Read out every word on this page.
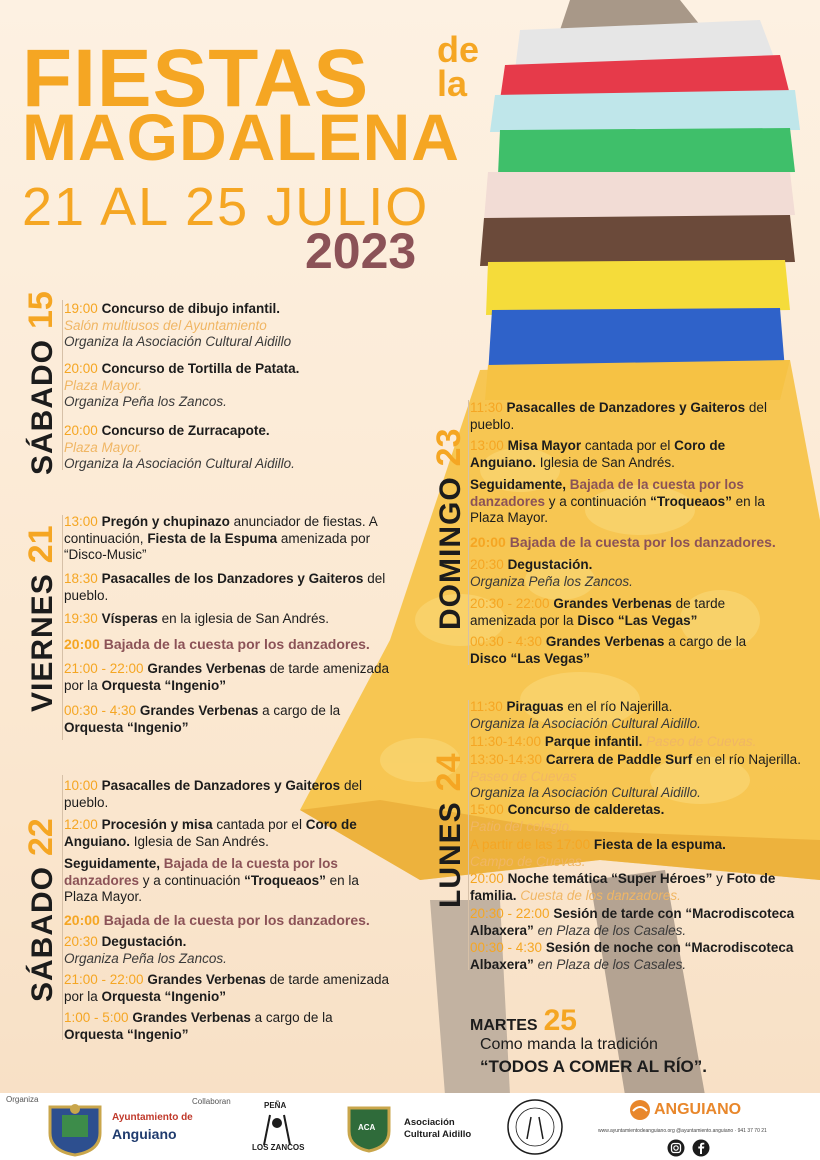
FIESTAS de
la
MAGDALENA
21 AL 25 JULIO
2023
SÁBADO15
VIERNES21
SÁBADO22
DOMINGO23
LUNES24
19:00 Concurso de dibujo infantil.
Salón multiusos del Ayuntamiento
Organiza la Asociación Cultural Aidillo
20:00 Concurso de Tortilla de Patata.
Plaza Mayor.
Organiza Peña los Zancos.
20:00 Concurso de Zurracapote.
Plaza Mayor.
Organiza la Asociación Cultural Aidillo.
13:00 Pregón y chupinazo anunciador de fiestas. A continuación, Fiesta de la Espuma amenizada por “Disco-Music”
18:30 Pasacalles de los Danzadores y Gaiteros del pueblo.
19:30 Vísperas en la iglesia de San Andrés.
20:00 Bajada de la cuesta por los danzadores.
21:00 - 22:00 Grandes Verbenas de tarde amenizada por la Orquesta “Ingenio”
00:30 - 4:30 Grandes Verbenas a cargo de la Orquesta “Ingenio”
10:00 Pasacalles de Danzadores y Gaiteros del pueblo.
12:00 Procesión y misa cantada por el Coro de Anguiano. Iglesia de San Andrés.
Seguidamente, Bajada de la cuesta por los danzadores y a continuación “Troqueaos” en la Plaza Mayor.
20:00 Bajada de la cuesta por los danzadores.
20:30 Degustación.
Organiza Peña los Zancos.
21:00 - 22:00 Grandes Verbenas de tarde amenizada por la Orquesta “Ingenio”
1:00 - 5:00 Grandes Verbenas a cargo de la Orquesta “Ingenio”
11:30 Pasacalles de Danzadores y Gaiteros del pueblo.
13:00 Misa Mayor cantada por el Coro de Anguiano. Iglesia de San Andrés.
Seguidamente, Bajada de la cuesta por los danzadores y a continuación “Troqueaos” en la Plaza Mayor.
20:00 Bajada de la cuesta por los danzadores.
20:30 Degustación.
Organiza Peña los Zancos.
20:30 - 22:00 Grandes Verbenas de tarde amenizada por la Disco “Las Vegas”
00:30 - 4:30 Grandes Verbenas a cargo de la Disco “Las Vegas”
11:30 Piraguas en el río Najerilla.
Organiza la Asociación Cultural Aidillo.
11:30-14:00 Parque infantil. Paseo de Cuevas.
13:30-14:30 Carrera de Paddle Surf en el río Najerilla.
Paseo de Cuevas
Organiza la Asociación Cultural Aidillo.
15:00 Concurso de calderetas.
Patio del colegio.
A partir de las 17:00 Fiesta de la espuma.
Campo de Cuevas.
20:00 Noche temática “Super Héroes” y Foto de familia. Cuesta de los danzadores.
20:30 - 22:00 Sesión de tarde con “Macrodiscoteca Albaxera” en Plaza de los Casales.
00:30 - 4:30 Sesión de noche con “Macrodiscoteca Albaxera” en Plaza de los Casales.
MARTES 25
Como manda la tradición
“TODOS A COMER AL RÍO”.
Organiza	Collaboran
Ayuntamiento de
Anguiano
PEÑA
LOS ZANCOS
ACA	Asociación
Cultural Aidillo
ANGUIANO
www.ayuntamientodeanguiano.org @ayuntamiento.anguiano · 941 37 70 21
